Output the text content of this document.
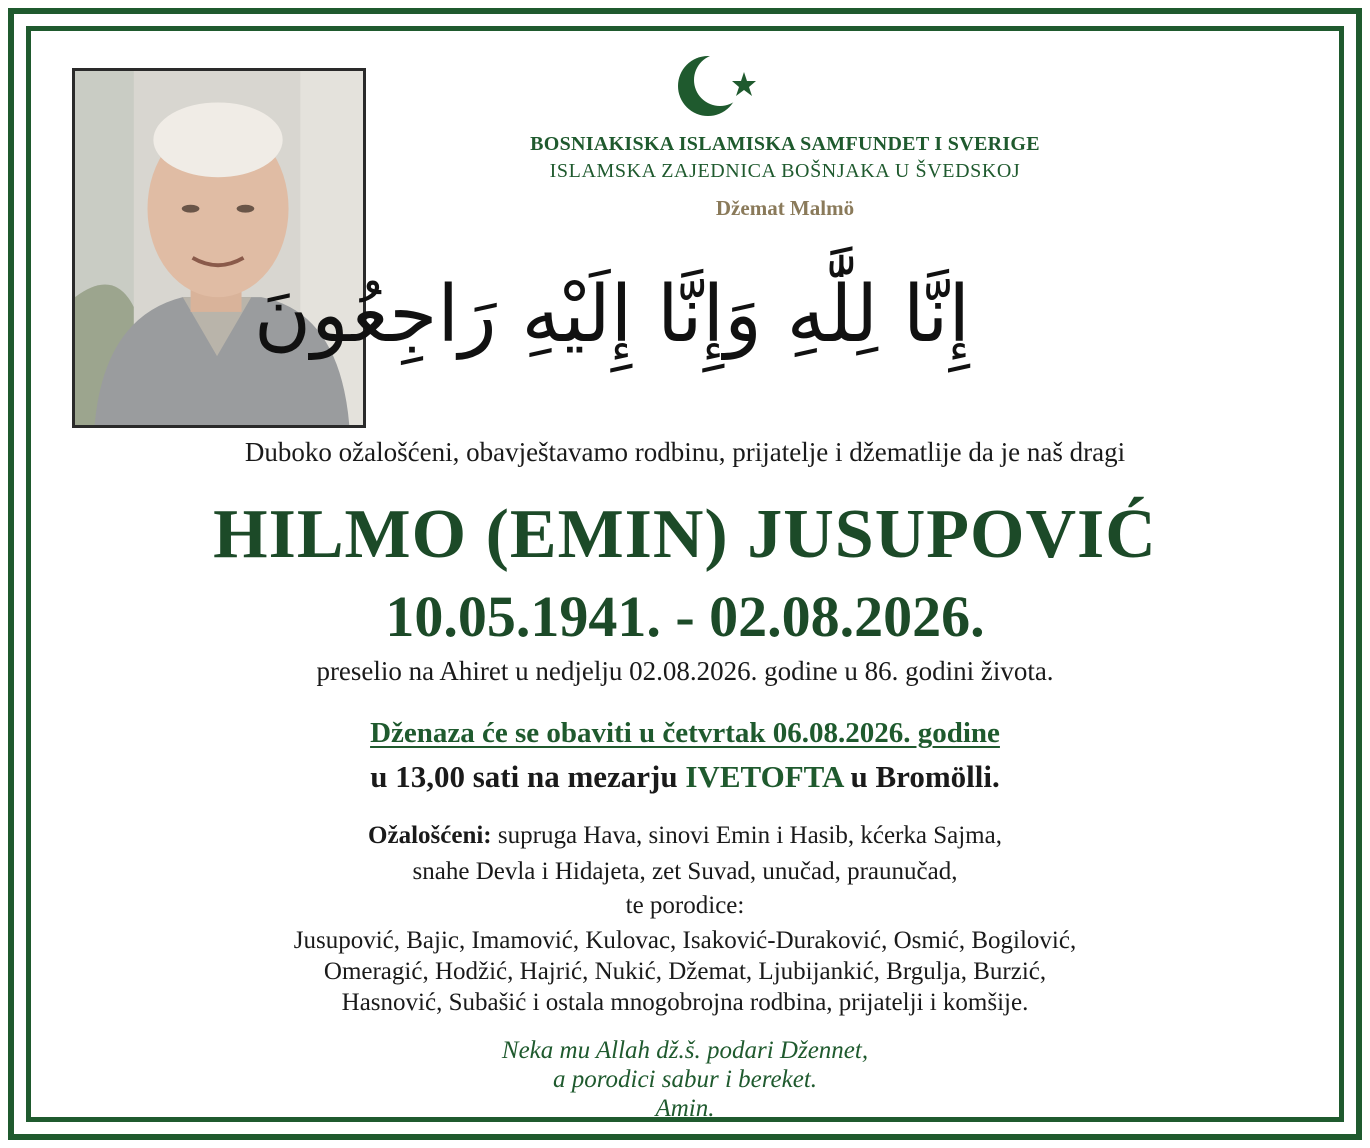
BOSNIAKISKA ISLAMISKA SAMFUNDET I SVERIGE
ISLAMSKA ZAJEDNICA BOŠNJAKA U ŠVEDSKOJ
Džemat Malmö
إِنَّا لِلَّٰهِ وَإِنَّا إِلَيْهِ رَاجِعُونَ
Duboko ožalošćeni, obavještavamo rodbinu, prijatelje i džematlije da je naš dragi
HILMO (EMIN) JUSUPOVIĆ
10.05.1941. - 02.08.2026.
preselio na Ahiret u nedjelju 02.08.2026. godine u 86. godini života.
Dženaza će se obaviti u četvrtak 06.08.2026. godine
u 13,00 sati na mezarju IVETOFTA u Bromölli.
Ožalošćeni: supruga Hava, sinovi Emin i Hasib, kćerka Sajma,
snahe Devla i Hidajeta, zet Suvad, unučad, praunučad,
te porodice:
Jusupović, Bajic, Imamović, Kulovac, Isaković-Duraković, Osmić, Bogilović,
Omeragić, Hodžić, Hajrić, Nukić, Džemat, Ljubijankić, Brgulja, Burzić,
Hasnović, Subašić i ostala mnogobrojna rodbina, prijatelji i komšije.
Neka mu Allah dž.š. podari Džennet,
a porodici sabur i bereket.
Amin.
